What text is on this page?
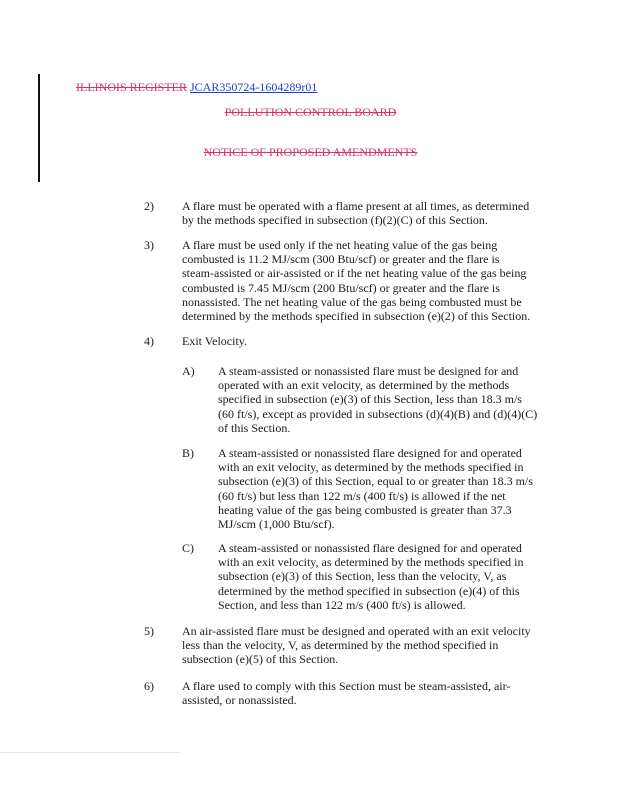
ILLINOIS REGISTER JCAR350724-1604289r01
POLLUTION CONTROL BOARD
NOTICE OF PROPOSED AMENDMENTS
2) A flare must be operated with a flame present at all times, as determined by the methods specified in subsection (f)(2)(C) of this Section.
3) A flare must be used only if the net heating value of the gas being combusted is 11.2 MJ/scm (300 Btu/scf) or greater and the flare is steam-assisted or air-assisted or if the net heating value of the gas being combusted is 7.45 MJ/scm (200 Btu/scf) or greater and the flare is nonassisted. The net heating value of the gas being combusted must be determined by the methods specified in subsection (e)(2) of this Section.
4) Exit Velocity.
A) A steam-assisted or nonassisted flare must be designed for and operated with an exit velocity, as determined by the methods specified in subsection (e)(3) of this Section, less than 18.3 m/s (60 ft/s), except as provided in subsections (d)(4)(B) and (d)(4)(C) of this Section.
B) A steam-assisted or nonassisted flare designed for and operated with an exit velocity, as determined by the methods specified in subsection (e)(3) of this Section, equal to or greater than 18.3 m/s (60 ft/s) but less than 122 m/s (400 ft/s) is allowed if the net heating value of the gas being combusted is greater than 37.3 MJ/scm (1,000 Btu/scf).
C) A steam-assisted or nonassisted flare designed for and operated with an exit velocity, as determined by the methods specified in subsection (e)(3) of this Section, less than the velocity, V, as determined by the method specified in subsection (e)(4) of this Section, and less than 122 m/s (400 ft/s) is allowed.
5) An air-assisted flare must be designed and operated with an exit velocity less than the velocity, V, as determined by the method specified in subsection (e)(5) of this Section.
6) A flare used to comply with this Section must be steam-assisted, air-assisted, or nonassisted.
